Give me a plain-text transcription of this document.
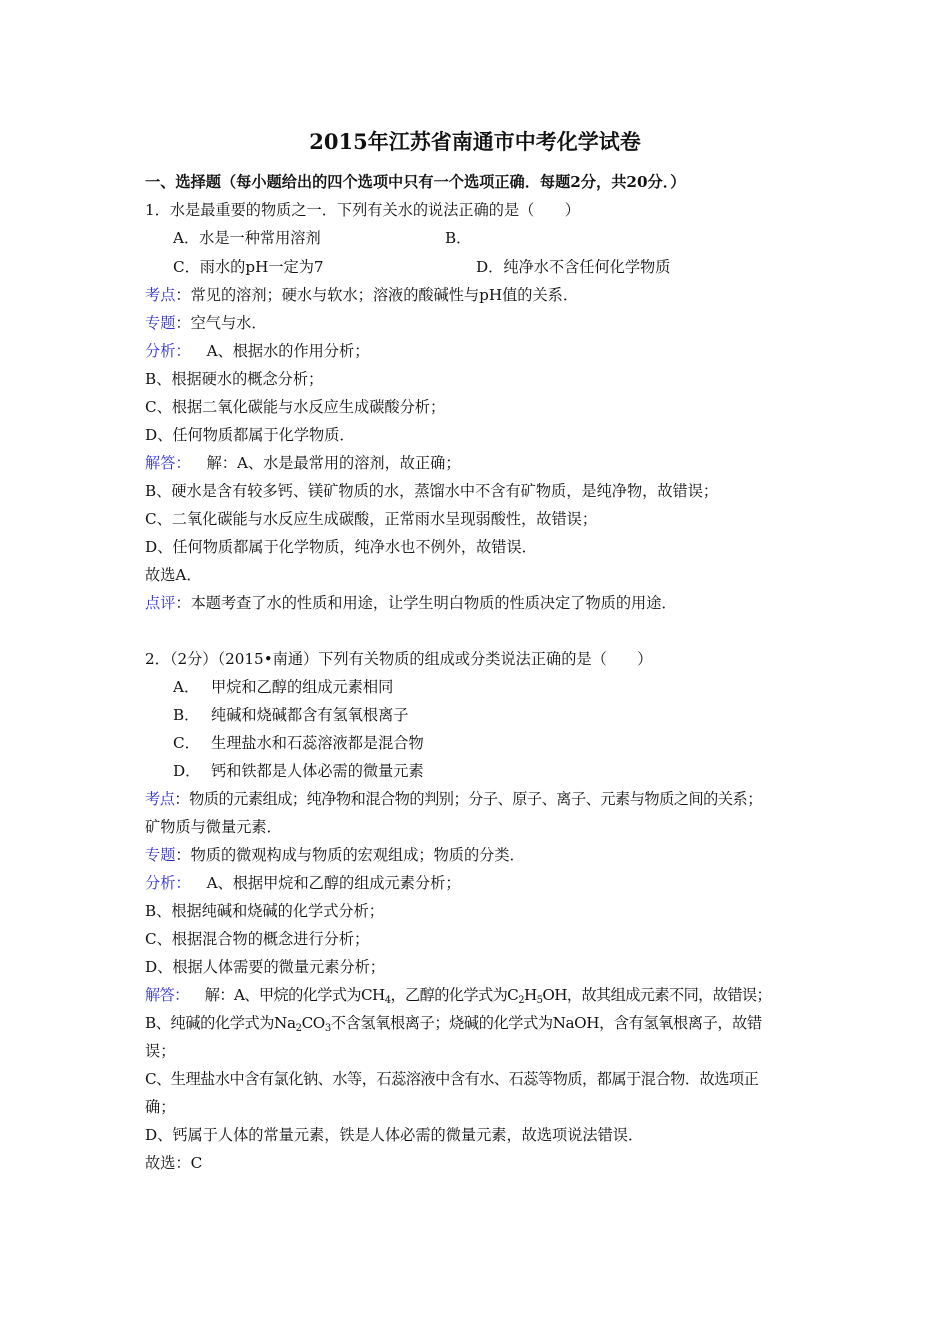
2015年江苏省南通市中考化学试卷
一、选择题（每小题给出的四个选项中只有一个选项正确．每题2分，共20分．）
1．水是最重要的物质之一．下列有关水的说法正确的是（　　）
A．水是一种常用溶剂	B．
C．雨水的pH一定为7	D．纯净水不含任何化学物质
考点：常见的溶剂；硬水与软水；溶液的酸碱性与pH值的关系．
专题：空气与水．
分析： A、根据水的作用分析；
B、根据硬水的概念分析；
C、根据二氧化碳能与水反应生成碳酸分析；
D、任何物质都属于化学物质．
解答： 解：A、水是最常用的溶剂，故正确；
B、硬水是含有较多钙、镁矿物质的水，蒸馏水中不含有矿物质，是纯净物，故错误；
C、二氧化碳能与水反应生成碳酸，正常雨水呈现弱酸性，故错误；
D、任何物质都属于化学物质，纯净水也不例外，故错误．
故选A．
点评：本题考查了水的性质和用途，让学生明白物质的性质决定了物质的用途．
2．（2分）（2015•南通）下列有关物质的组成或分类说法正确的是（　　）
A． 甲烷和乙醇的组成元素相同
B． 纯碱和烧碱都含有氢氧根离子
C． 生理盐水和石蕊溶液都是混合物
D． 钙和铁都是人体必需的微量元素
考点：物质的元素组成；纯净物和混合物的判别；分子、原子、离子、元素与物质之间的关系；
矿物质与微量元素．
专题：物质的微观构成与物质的宏观组成；物质的分类．
分析： A、根据甲烷和乙醇的组成元素分析；
B、根据纯碱和烧碱的化学式分析；
C、根据混合物的概念进行分析；
D、根据人体需要的微量元素分析；
解答： 解：A、甲烷的化学式为$CH_4$，乙醇的化学式为$C_2H_5OH$，故其组成元素不同，故错误；
B、纯碱的化学式为$Na_2CO_3$不含氢氧根离子；烧碱的化学式为NaOH，含有氢氧根离子，故错
误；
C、生理盐水中含有氯化钠、水等，石蕊溶液中含有水、石蕊等物质，都属于混合物．故选项正
确；
D、钙属于人体的常量元素，铁是人体必需的微量元素，故选项说法错误．
故选：C
